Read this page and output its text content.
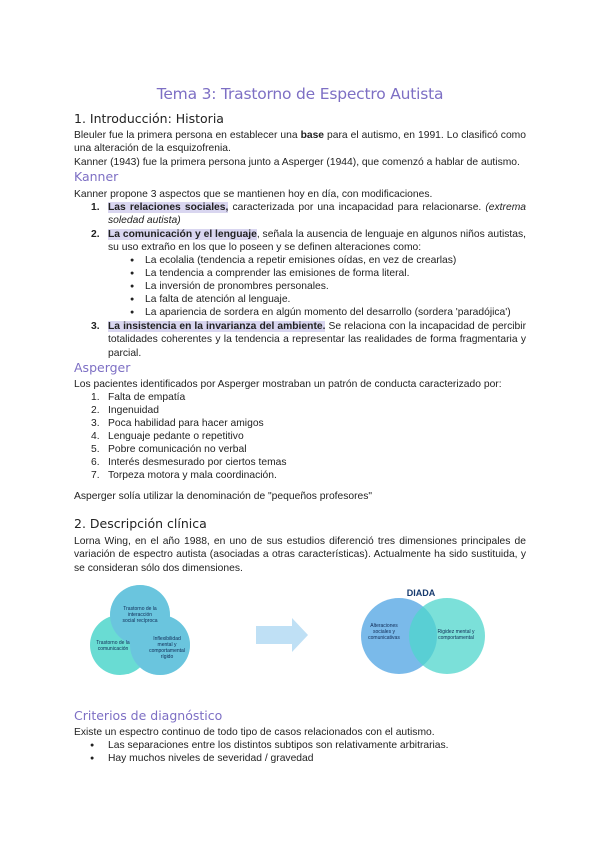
Tema 3: Trastorno de Espectro Autista
1. Introducción: Historia
Bleuler fue la primera persona en establecer una base para el autismo, en 1991. Lo clasificó como una alteración de la esquizofrenia.
Kanner (1943) fue la primera persona junto a Asperger (1944), que comenzó a hablar de autismo.
Kanner
Kanner propone 3 aspectos que se mantienen hoy en día, con modificaciones.
1. Las relaciones sociales, caracterizada por una incapacidad para relacionarse. (extrema soledad autista)
2. La comunicación y el lenguaje, señala la ausencia de lenguaje en algunos niños autistas, su uso extraño en los que lo poseen y se definen alteraciones como:
● La ecolalia (tendencia a repetir emisiones oídas, en vez de crearlas)
● La tendencia a comprender las emisiones de forma literal.
● La inversión de pronombres personales.
● La falta de atención al lenguaje.
● La apariencia de sordera en algún momento del desarrollo (sordera 'paradójica')
3. La insistencia en la invarianza del ambiente. Se relaciona con la incapacidad de percibir totalidades coherentes y la tendencia a representar las realidades de forma fragmentaria y parcial.
Asperger
Los pacientes identificados por Asperger mostraban un patrón de conducta caracterizado por:
1. Falta de empatía
2. Ingenuidad
3. Poca habilidad para hacer amigos
4. Lenguaje pedante o repetitivo
5. Pobre comunicación no verbal
6. Interés desmesurado por ciertos temas
7. Torpeza motora y mala coordinación.
Asperger solía utilizar la denominación de "pequeños profesores"
2. Descripción clínica
Lorna Wing, en el año 1988, en uno de sus estudios diferenció tres dimensiones principales de variación de espectro autista (asociadas a otras características). Actualmente ha sido sustituida, y se consideran sólo dos dimensiones.
Trastorno de la
interacción
social recíproca
Trastorno de la
comunicación
Inflexibilidad
mental y
comportamental
rígido
DIADA
Alteraciones
sociales y
comunicativas
Rigidez mental y
comportamental
Criterios de diagnóstico
Existe un espectro continuo de todo tipo de casos relacionados con el autismo.
● Las separaciones entre los distintos subtipos son relativamente arbitrarias.
● Hay muchos niveles de severidad / gravedad
